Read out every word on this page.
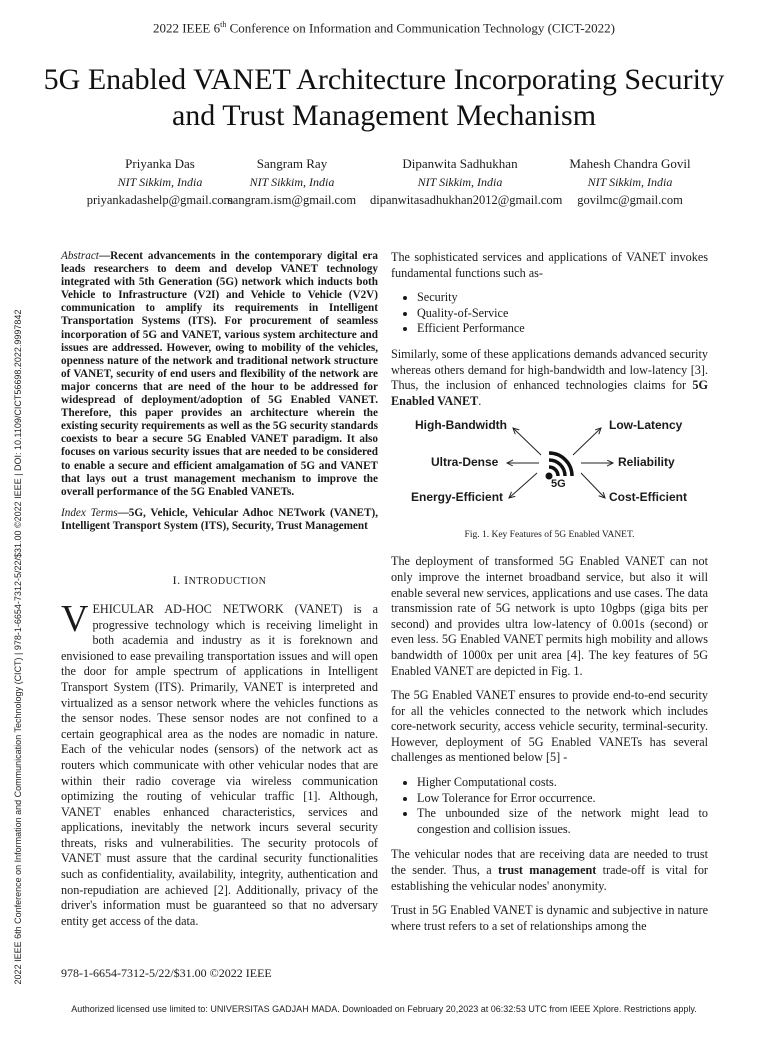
2022 IEEE 6th Conference on Information and Communication Technology (CICT-2022)
5G Enabled VANET Architecture Incorporating Security and Trust Management Mechanism
Priyanka Das
NIT Sikkim, India
priyankadashelp@gmail.com
Sangram Ray
NIT Sikkim, India
sangram.ism@gmail.com
Dipanwita Sadhukhan
NIT Sikkim, India
dipanwitasadhukhan2012@gmail.com
Mahesh Chandra Govil
NIT Sikkim, India
govilmc@gmail.com
2022 IEEE 6th Conference on Information and Communication Technology (CICT) | 978-1-6654-7312-5/22/$31.00 ©2022 IEEE | DOI: 10.1109/CICT56698.2022.9997842
Abstract—Recent advancements in the contemporary digital era leads researchers to deem and develop VANET technology integrated with 5th Generation (5G) network which inducts both Vehicle to Infrastructure (V2I) and Vehicle to Vehicle (V2V) communication to amplify its requirements in Intelligent Transportation Systems (ITS). For procurement of seamless incorporation of 5G and VANET, various system architecture and issues are addressed. However, owing to mobility of the vehicles, openness nature of the network and traditional network structure of VANET, security of end users and flexibility of the network are major concerns that are need of the hour to be addressed for widespread of deployment/adoption of 5G Enabled VANET. Therefore, this paper provides an architecture wherein the existing security requirements as well as the 5G security standards coexists to bear a secure 5G Enabled VANET paradigm. It also focuses on various security issues that are needed to be considered to enable a secure and efficient amalgamation of 5G and VANET that lays out a trust management mechanism to improve the overall performance of the 5G Enabled VANETs.
Index Terms—5G, Vehicle, Vehicular Adhoc NETwork (VANET), Intelligent Transport System (ITS), Security, Trust Management
I. INTRODUCTION

VEHICULAR AD-HOC NETWORK (VANET) is a progressive technology which is receiving limelight in both academia and industry as it is foreknown and envisioned to ease prevailing transportation issues and will open the door for ample spectrum of applications in Intelligent Transport System (ITS). Primarily, VANET is interpreted and virtualized as a sensor network where the vehicles functions as the sensor nodes. These sensor nodes are not confined to a certain geographical area as the nodes are nomadic in nature. Each of the vehicular nodes (sensors) of the network act as routers which communicate with other vehicular nodes that are within their radio coverage via wireless communication optimizing the routing of vehicular traffic [1]. Although, VANET enables enhanced characteristics, services and applications, inevitably the network incurs several security threats, risks and vulnerabilities. The security protocols of VANET must assure that the cardinal security functionalities such as confidentiality, availability, integrity, authentication and non-repudiation are achieved [2]. Additionally, privacy of the driver's information must be guaranteed so that no adversary entity get access of the data.

The sophisticated services and applications of VANET invokes fundamental functions such as-

• Security
• Quality-of-Service
• Efficient Performance

Similarly, some of these applications demands advanced security whereas others demand for high-bandwidth and low-latency [3]. Thus, the inclusion of enhanced technologies claims for 5G Enabled VANET.

High-Bandwidth	Low-Latency
Ultra-Dense	Reliability
Energy-Efficient	Cost-Efficient
5G
Fig. 1. Key Features of 5G Enabled VANET.

The deployment of transformed 5G Enabled VANET can not only improve the internet broadband service, but also it will enable several new services, applications and use cases. The data transmission rate of 5G network is upto 10gbps (giga bits per second) and provides ultra low-latency of 0.001s (second) or even less. 5G Enabled VANET permits high mobility and allows bandwidth of 1000x per unit area [4]. The key features of 5G Enabled VANET are depicted in Fig. 1.

The 5G Enabled VANET ensures to provide end-to-end security for all the vehicles connected to the network which includes core-network security, access vehicle security, terminal-security. However, deployment of 5G Enabled VANETs has several challenges as mentioned below [5] -

• Higher Computational costs.
• Low Tolerance for Error occurrence.
• The unbounded size of the network might lead to congestion and collision issues.

The vehicular nodes that are receiving data are needed to trust the sender. Thus, a trust management trade-off is vital for establishing the vehicular nodes' anonymity.

Trust in 5G Enabled VANET is dynamic and subjective in nature where trust refers to a set of relationships among the

978-1-6654-7312-5/22/$31.00 ©2022 IEEE
Authorized licensed use limited to: UNIVERSITAS GADJAH MADA. Downloaded on February 20,2023 at 06:32:53 UTC from IEEE Xplore. Restrictions apply.
